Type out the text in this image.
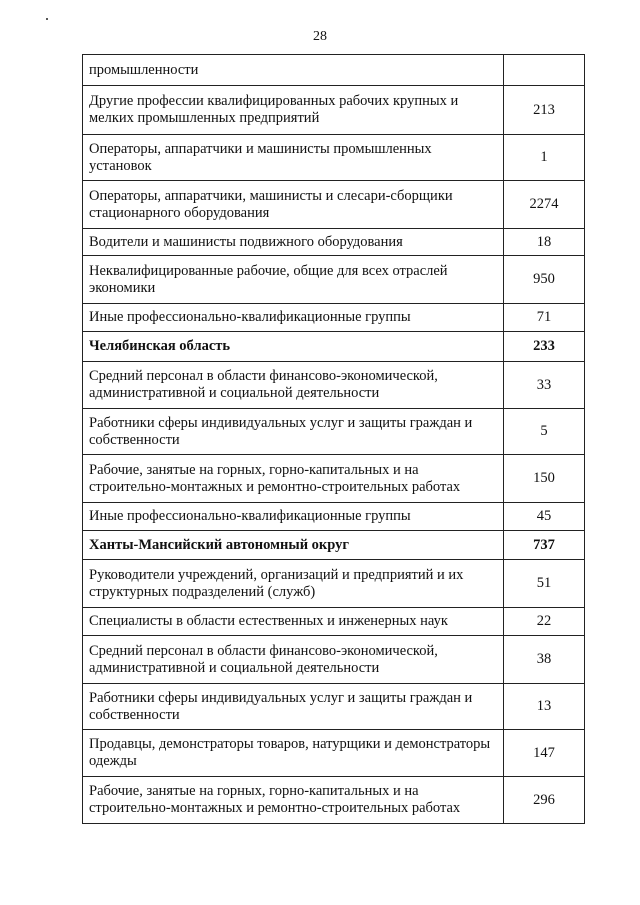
28
промышленности	
Другие профессии квалифицированных рабочих крупных и мелких промышленных предприятий	213
Операторы, аппаратчики и машинисты промышленных установок	1
Операторы, аппаратчики, машинисты и слесари-сборщики стационарного оборудования	2274
Водители и машинисты подвижного оборудования	18
Неквалифицированные рабочие, общие для всех отраслей экономики	950
Иные профессионально-квалификационные группы	71
Челябинская область	233
Средний персонал в области финансово-экономической, административной и социальной деятельности	33
Работники сферы индивидуальных услуг и защиты граждан и собственности	5
Рабочие, занятые на горных, горно-капитальных и на строительно-монтажных и ремонтно-строительных работах	150
Иные профессионально-квалификационные группы	45
Ханты-Мансийский автономный округ	737
Руководители учреждений, организаций и предприятий и их структурных подразделений (служб)	51
Специалисты в области естественных и инженерных наук	22
Средний персонал в области финансово-экономической, административной и социальной деятельности	38
Работники сферы индивидуальных услуг и защиты граждан и собственности	13
Продавцы, демонстраторы товаров, натурщики и демонстраторы одежды	147
Рабочие, занятые на горных, горно-капитальных и на строительно-монтажных и ремонтно-строительных работах	296
